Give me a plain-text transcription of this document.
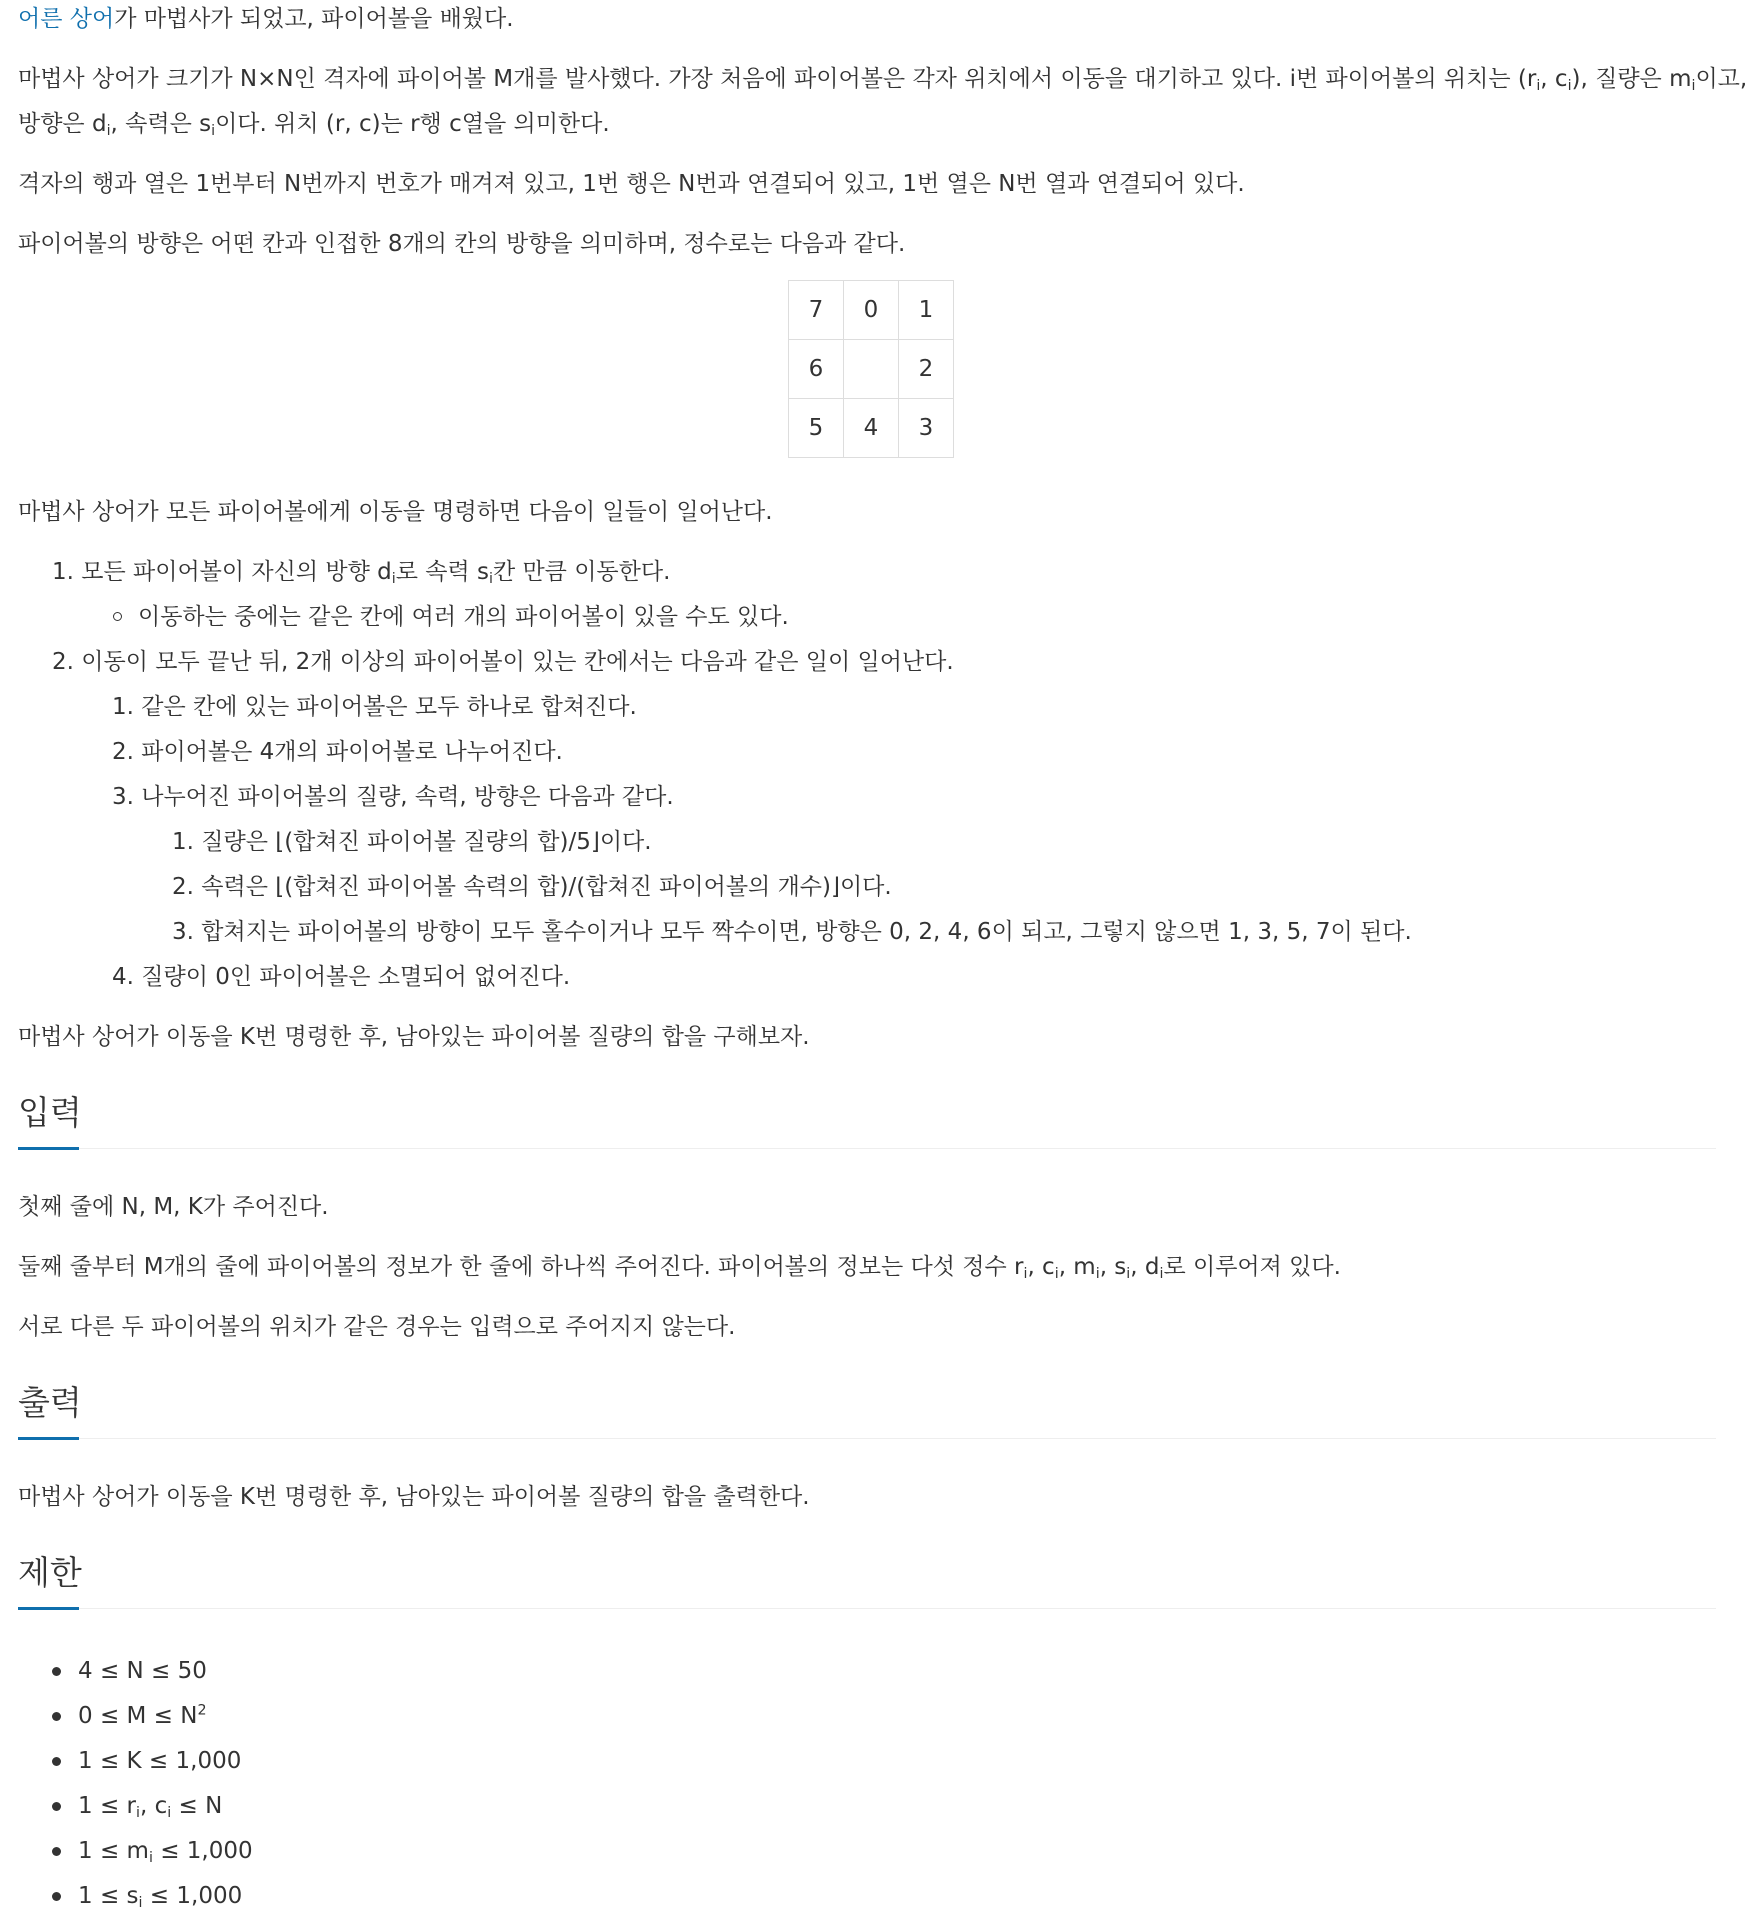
어른 상어가 마법사가 되었고, 파이어볼을 배웠다.

마법사 상어가 크기가 N×N인 격자에 파이어볼 M개를 발사했다. 가장 처음에 파이어볼은 각자 위치에서 이동을 대기하고 있다. i번 파이어볼의 위치는 ($r_i$, $c_i$), 질량은 $m_i$이고,

방향은 $d_i$, 속력은 $s_i$이다. 위치 (r, c)는 r행 c열을 의미한다.

격자의 행과 열은 1번부터 N번까지 번호가 매겨져 있고, 1번 행은 N번과 연결되어 있고, 1번 열은 N번 열과 연결되어 있다.

파이어볼의 방향은 어떤 칸과 인접한 8개의 칸의 방향을 의미하며, 정수로는 다음과 같다.

7	0	1
6		2
5	4	3

마법사 상어가 모든 파이어볼에게 이동을 명령하면 다음이 일들이 일어난다.

1. 모든 파이어볼이 자신의 방향 $d_i$로 속력 $s_i$칸 만큼 이동한다.

이동하는 중에는 같은 칸에 여러 개의 파이어볼이 있을 수도 있다.

2. 이동이 모두 끝난 뒤, 2개 이상의 파이어볼이 있는 칸에서는 다음과 같은 일이 일어난다.

1. 같은 칸에 있는 파이어볼은 모두 하나로 합쳐진다.

2. 파이어볼은 4개의 파이어볼로 나누어진다.

3. 나누어진 파이어볼의 질량, 속력, 방향은 다음과 같다.

1. 질량은 ⌊(합쳐진 파이어볼 질량의 합)/5⌋이다.

2. 속력은 ⌊(합쳐진 파이어볼 속력의 합)/(합쳐진 파이어볼의 개수)⌋이다.

3. 합쳐지는 파이어볼의 방향이 모두 홀수이거나 모두 짝수이면, 방향은 0, 2, 4, 6이 되고, 그렇지 않으면 1, 3, 5, 7이 된다.

4. 질량이 0인 파이어볼은 소멸되어 없어진다.

마법사 상어가 이동을 K번 명령한 후, 남아있는 파이어볼 질량의 합을 구해보자.

입력

첫째 줄에 N, M, K가 주어진다.

둘째 줄부터 M개의 줄에 파이어볼의 정보가 한 줄에 하나씩 주어진다. 파이어볼의 정보는 다섯 정수 $r_i$, $c_i$, $m_i$, $s_i$, $d_i$로 이루어져 있다.

서로 다른 두 파이어볼의 위치가 같은 경우는 입력으로 주어지지 않는다.

출력

마법사 상어가 이동을 K번 명령한 후, 남아있는 파이어볼 질량의 합을 출력한다.

제한

4 ≤ N ≤ 50

$0 \le M \le N^2$

1 ≤ K ≤ 1,000

$1 \le r_i$, $c_i \le N$

$1 \le m_i \le 1,000$

$1 \le s_i \le 1,000$
